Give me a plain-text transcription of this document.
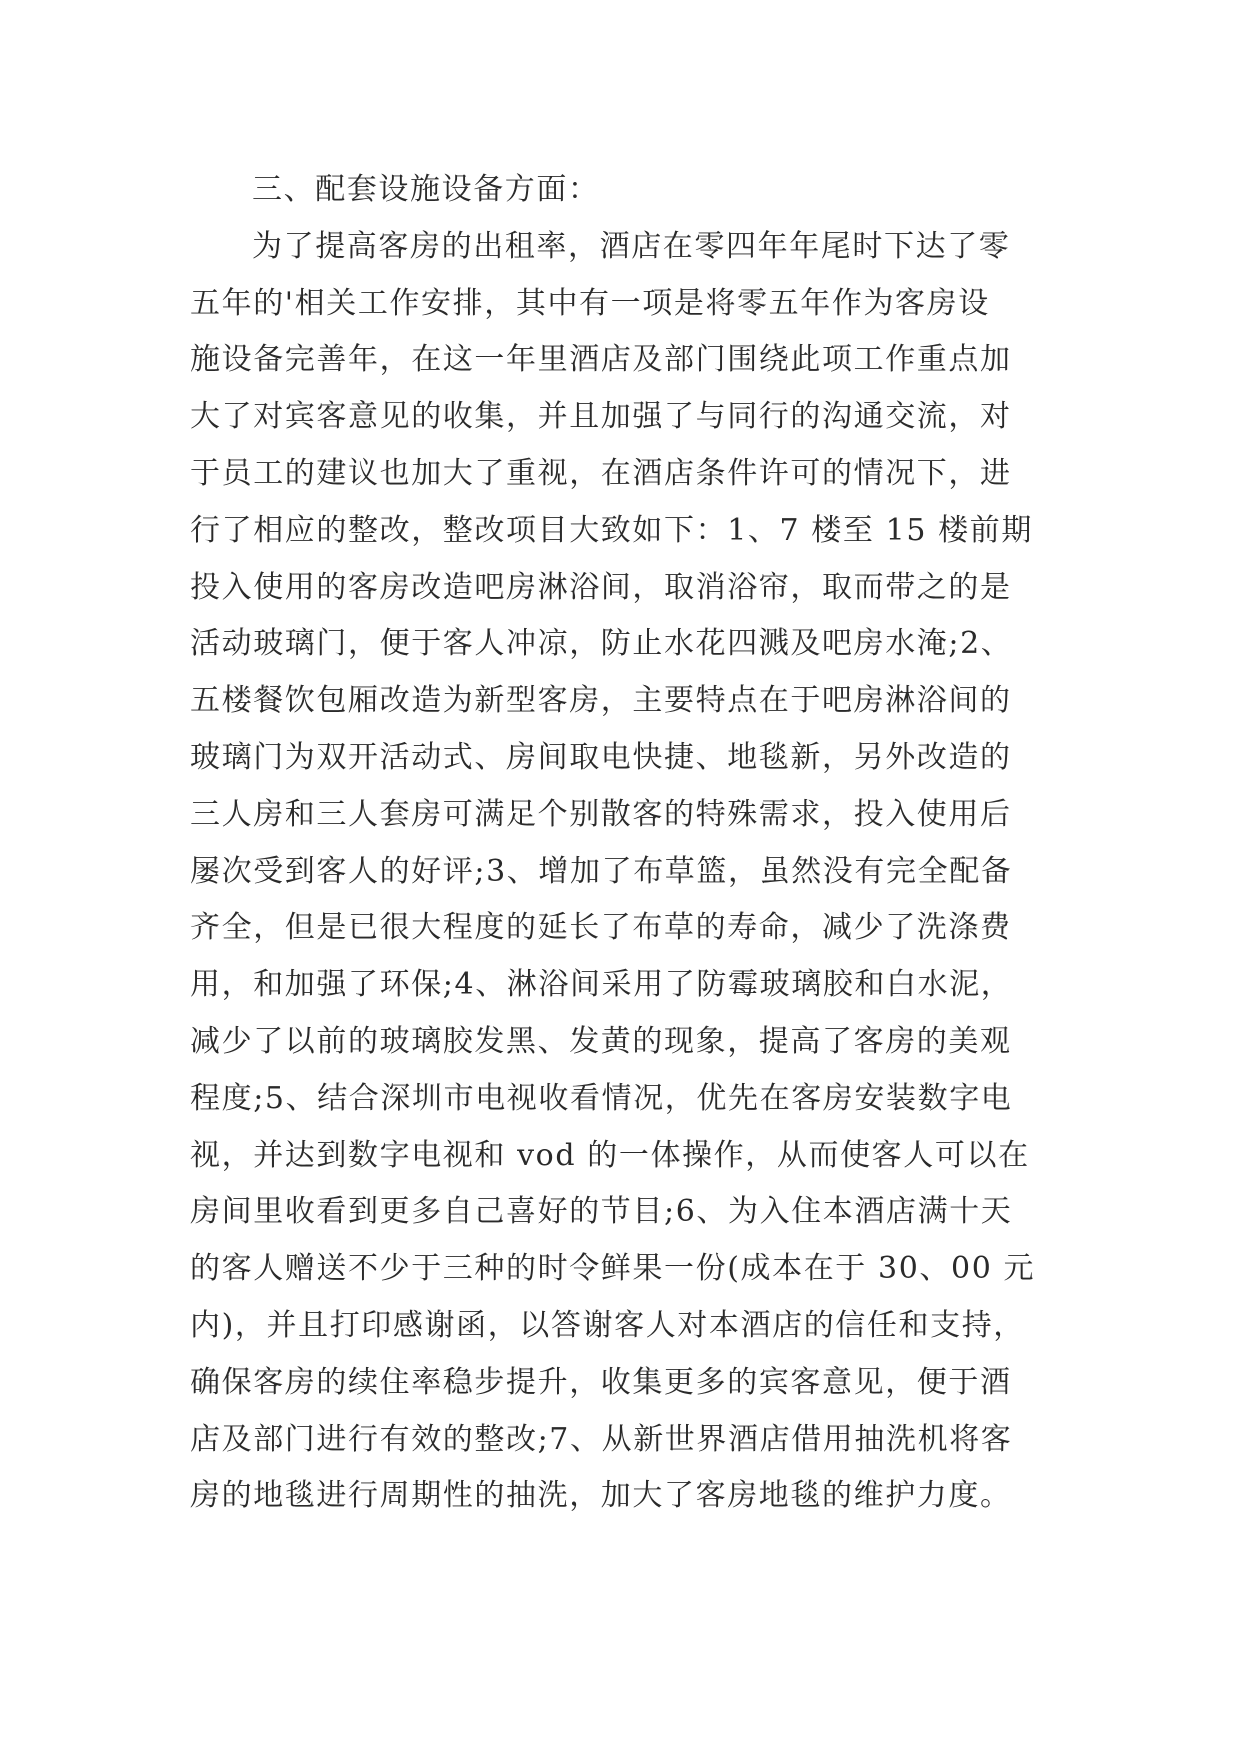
三、配套设施设备方面：
为了提高客房的出租率，酒店在零四年年尾时下达了零
五年的'相关工作安排，其中有一项是将零五年作为客房设
施设备完善年，在这一年里酒店及部门围绕此项工作重点加
大了对宾客意见的收集，并且加强了与同行的沟通交流，对
于员工的建议也加大了重视，在酒店条件许可的情况下，进
行了相应的整改，整改项目大致如下：1、7 楼至 15 楼前期
投入使用的客房改造吧房淋浴间，取消浴帘，取而带之的是
活动玻璃门，便于客人冲凉，防止水花四溅及吧房水淹;2、
五楼餐饮包厢改造为新型客房，主要特点在于吧房淋浴间的
玻璃门为双开活动式、房间取电快捷、地毯新，另外改造的
三人房和三人套房可满足个别散客的特殊需求，投入使用后
屡次受到客人的好评;3、增加了布草篮，虽然没有完全配备
齐全，但是已很大程度的延长了布草的寿命，减少了洗涤费
用，和加强了环保;4、淋浴间采用了防霉玻璃胶和白水泥，
减少了以前的玻璃胶发黑、发黄的现象，提高了客房的美观
程度;5、结合深圳市电视收看情况，优先在客房安装数字电
视，并达到数字电视和 vod 的一体操作，从而使客人可以在
房间里收看到更多自己喜好的节目;6、为入住本酒店满十天
的客人赠送不少于三种的时令鲜果一份(成本在于 30、00 元
内)，并且打印感谢函，以答谢客人对本酒店的信任和支持，
确保客房的续住率稳步提升，收集更多的宾客意见，便于酒
店及部门进行有效的整改;7、从新世界酒店借用抽洗机将客
房的地毯进行周期性的抽洗，加大了客房地毯的维护力度。
